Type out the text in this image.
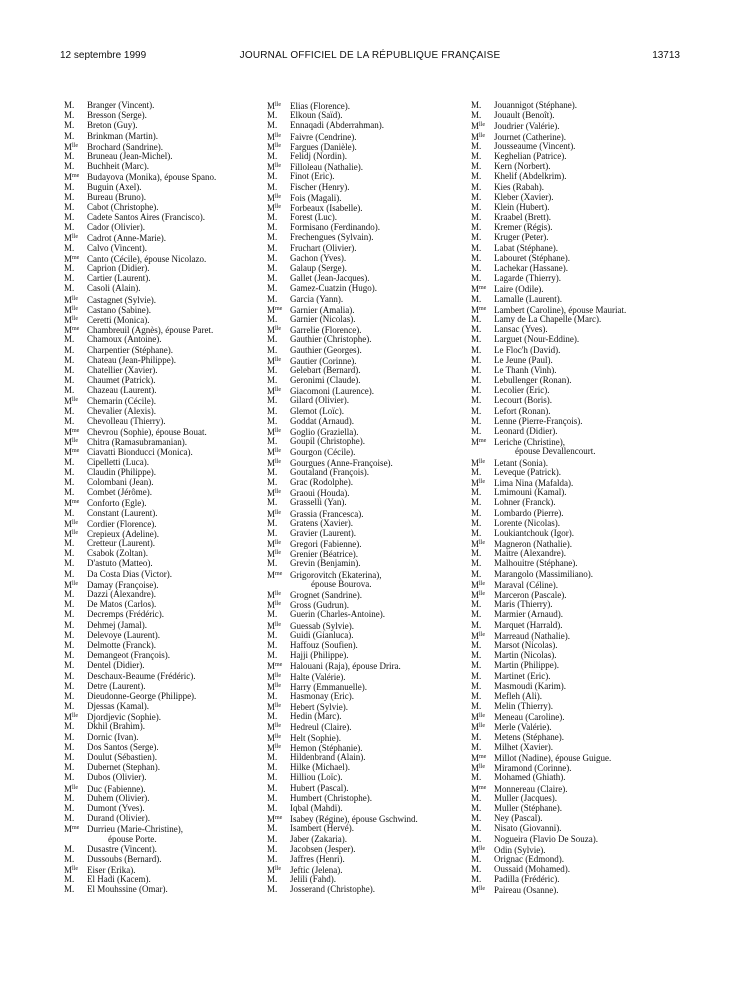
12 septembre 1999	JOURNAL OFFICIEL DE LA RÉPUBLIQUE FRANÇAISE	13713
M. Branger (Vincent).
M. Bresson (Serge).
M. Breton (Guy).
M. Brinkman (Martin).
$M^{lle}$ Brochard (Sandrine).
M. Bruneau (Jean-Michel).
M. Buchheit (Marc).
$M^{me}$ Budayova (Monika), épouse Spano.
M. Buguin (Axel).
M. Bureau (Bruno).
M. Cabot (Christophe).
M. Cadete Santos Aires (Francisco).
M. Cador (Olivier).
$M^{lle}$ Cadrot (Anne-Marie).
M. Calvo (Vincent).
$M^{me}$ Canto (Cécile), épouse Nicolazo.
M. Caprion (Didier).
M. Cartier (Laurent).
M. Casoli (Alain).
$M^{lle}$ Castagnet (Sylvie).
$M^{lle}$ Castano (Sabine).
$M^{lle}$ Ceretti (Monica).
$M^{me}$ Chambreuil (Agnès), épouse Paret.
M. Chamoux (Antoine).
M. Charpentier (Stéphane).
M. Chateau (Jean-Philippe).
M. Chatellier (Xavier).
M. Chaumet (Patrick).
M. Chazeau (Laurent).
$M^{lle}$ Chemarin (Cécile).
M. Chevalier (Alexis).
M. Chevolleau (Thierry).
$M^{me}$ Chevrou (Sophie), épouse Bouat.
$M^{lle}$ Chitra (Ramasubramanian).
$M^{me}$ Ciavatti Bionducci (Monica).
M. Cipelletti (Luca).
M. Claudin (Philippe).
M. Colombani (Jean).
M. Combet (Jérôme).
$M^{me}$ Conforto (Egle).
M. Constant (Laurent).
$M^{lle}$ Cordier (Florence).
$M^{lle}$ Crepieux (Adeline).
M. Cretteur (Laurent).
M. Csabok (Zoltan).
M. D'astuto (Matteo).
M. Da Costa Dias (Victor).
$M^{lle}$ Damay (Françoise).
M. Dazzi (Alexandre).
M. De Matos (Carlos).
M. Decremps (Frédéric).
M. Dehmej (Jamal).
M. Delevoye (Laurent).
M. Delmotte (Franck).
M. Demangeot (François).
M. Dentel (Didier).
M. Deschaux-Beaume (Frédéric).
M. Detre (Laurent).
M. Dieudonne-George (Philippe).
M. Djessas (Kamal).
$M^{lle}$ Djordjevic (Sophie).
M. Dkhil (Brahim).
M. Dornic (Ivan).
M. Dos Santos (Serge).
M. Doulut (Sébastien).
M. Dubernet (Stephan).
M. Dubos (Olivier).
$M^{lle}$ Duc (Fabienne).
M. Duhem (Olivier).
M. Dumont (Yves).
M. Durand (Olivier).
$M^{me}$ Durrieu (Marie-Christine),
épouse Porte.
M. Dusastre (Vincent).
M. Dussoubs (Bernard).
$M^{lle}$ Eiser (Erika).
M. El Hadi (Kacem).
M. El Mouhssine (Omar).
$M^{lle}$ Elias (Florence).
M. Elkoun (Saïd).
M. Ennaqadi (Abderrahman).
$M^{lle}$ Faivre (Cendrine).
$M^{lle}$ Fargues (Danièle).
M. Felidj (Nordin).
$M^{lle}$ Filloleau (Nathalie).
M. Finot (Eric).
M. Fischer (Henry).
$M^{lle}$ Fois (Magali).
$M^{lle}$ Forbeaux (Isabelle).
M. Forest (Luc).
M. Formisano (Ferdinando).
M. Frechengues (Sylvain).
M. Fruchart (Olivier).
M. Gachon (Yves).
M. Galaup (Serge).
M. Gallet (Jean-Jacques).
M. Gamez-Cuatzin (Hugo).
M. Garcia (Yann).
$M^{me}$ Garnier (Amalia).
M. Garnier (Nicolas).
$M^{lle}$ Garrelie (Florence).
M. Gauthier (Christophe).
M. Gauthier (Georges).
$M^{lle}$ Gautier (Corinne).
M. Gelebart (Bernard).
M. Geronimi (Claude).
$M^{lle}$ Giacomoni (Laurence).
M. Gilard (Olivier).
M. Glemot (Loïc).
M. Goddat (Arnaud).
$M^{lle}$ Goglio (Graziella).
M. Goupil (Christophe).
$M^{lle}$ Gourgon (Cécile).
$M^{lle}$ Gourgues (Anne-Françoise).
M. Goutaland (François).
M. Grac (Rodolphe).
$M^{lle}$ Graoui (Houda).
M. Grasselli (Yan).
$M^{lle}$ Grassia (Francesca).
M. Gratens (Xavier).
M. Gravier (Laurent).
$M^{lle}$ Gregori (Fabienne).
$M^{lle}$ Grenier (Béatrice).
M. Grevin (Benjamin).
$M^{me}$ Grigorovitch (Ekaterina),
épouse Bourova.
$M^{lle}$ Grognet (Sandrine).
$M^{lle}$ Gross (Gudrun).
M. Guerin (Charles-Antoine).
$M^{lle}$ Guessab (Sylvie).
M. Guidi (Gianluca).
M. Haffouz (Soufien).
M. Hajji (Philippe).
$M^{me}$ Halouani (Raja), épouse Drira.
$M^{lle}$ Halte (Valérie).
$M^{lle}$ Harry (Emmanuelle).
M. Hasmonay (Eric).
$M^{lle}$ Hebert (Sylvie).
M. Hedin (Marc).
$M^{lle}$ Hedreul (Claire).
$M^{lle}$ Helt (Sophie).
$M^{lle}$ Hemon (Stéphanie).
M. Hildenbrand (Alain).
M. Hilke (Michael).
M. Hilliou (Loïc).
M. Hubert (Pascal).
M. Humbert (Christophe).
M. Iqbal (Mahdi).
$M^{me}$ Isabey (Régine), épouse Gschwind.
M. Isambert (Hervé).
M. Jaber (Zakaria).
M. Jacobsen (Jesper).
M. Jaffres (Henri).
$M^{lle}$ Jeftic (Jelena).
M. Jelili (Fahd).
M. Josserand (Christophe).
M. Jouannigot (Stéphane).
M. Jouault (Benoît).
$M^{lle}$ Joudrier (Valérie).
$M^{lle}$ Journet (Catherine).
M. Jousseaume (Vincent).
M. Keghelian (Patrice).
M. Kern (Norbert).
M. Khelif (Abdelkrim).
M. Kies (Rabah).
M. Kleber (Xavier).
M. Klein (Hubert).
M. Kraabel (Brett).
M. Kremer (Régis).
M. Kruger (Peter).
M. Labat (Stéphane).
M. Labouret (Stéphane).
M. Lachekar (Hassane).
M. Lagarde (Thierry).
$M^{me}$ Laire (Odile).
M. Lamalle (Laurent).
$M^{me}$ Lambert (Caroline), épouse Mauriat.
M. Lamy de La Chapelle (Marc).
M. Lansac (Yves).
M. Larguet (Nour-Eddine).
M. Le Floc'h (David).
M. Le Jeune (Paul).
M. Le Thanh (Vinh).
M. Lebullenger (Ronan).
M. Lecolier (Eric).
M. Lecourt (Boris).
M. Lefort (Ronan).
M. Lenne (Pierre-François).
M. Leonard (Didier).
$M^{me}$ Leriche (Christine),
épouse Devallencourt.
$M^{lle}$ Letant (Sonia).
M. Leveque (Patrick).
$M^{lle}$ Lima Nina (Mafalda).
M. Lmimouni (Kamal).
M. Lohner (Franck).
M. Lombardo (Pierre).
M. Lorente (Nicolas).
M. Loukiantchouk (Igor).
$M^{lle}$ Magneron (Nathalie).
M. Maitre (Alexandre).
M. Malhouitre (Stéphane).
M. Marangolo (Massimiliano).
$M^{lle}$ Maraval (Céline).
$M^{lle}$ Marceron (Pascale).
M. Maris (Thierry).
M. Marmier (Arnaud).
M. Marquet (Harrald).
$M^{lle}$ Marreaud (Nathalie).
M. Marsot (Nicolas).
M. Martin (Nicolas).
M. Martin (Philippe).
M. Martinet (Eric).
M. Masmoudi (Karim).
M. Mefleh (Ali).
M. Melin (Thierry).
$M^{lle}$ Meneau (Caroline).
$M^{lle}$ Merle (Valérie).
M. Metens (Stéphane).
M. Milhet (Xavier).
$M^{me}$ Millot (Nadine), épouse Guigue.
$M^{lle}$ Miramond (Corinne).
M. Mohamed (Ghiath).
$M^{me}$ Monnereau (Claire).
M. Muller (Jacques).
M. Muller (Stéphane).
M. Ney (Pascal).
M. Nisato (Giovanni).
M. Nogueira (Flavio De Souza).
$M^{lle}$ Odin (Sylvie).
M. Orignac (Edmond).
M. Oussaid (Mohamed).
M. Padilla (Frédéric).
$M^{lle}$ Paireau (Osanne).
